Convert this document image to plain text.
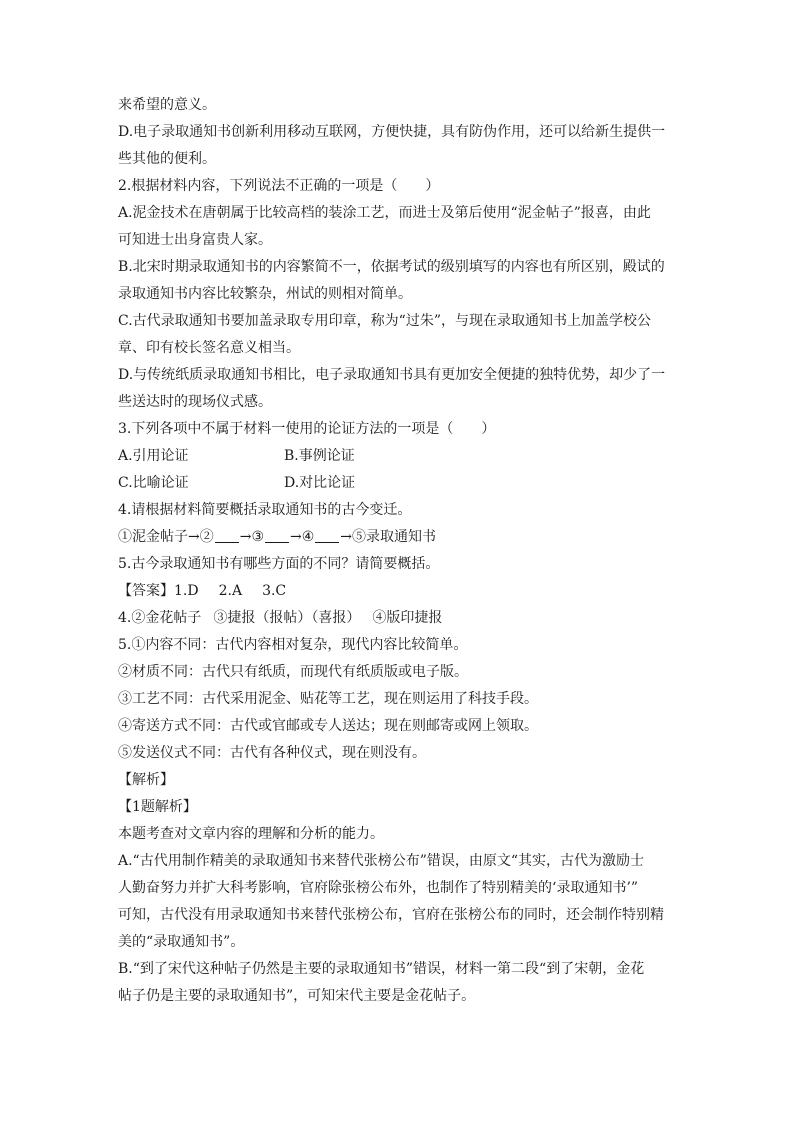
来希望的意义。
D.电子录取通知书创新利用移动互联网，方便快捷，具有防伪作用，还可以给新生提供一
些其他的便利。
2.根据材料内容，下列说法不正确的一项是（　　）
A.泥金技术在唐朝属于比较高档的装涂工艺，而进士及第后使用“泥金帖子”报喜，由此
可知进士出身富贵人家。
B.北宋时期录取通知书的内容繁简不一，依据考试的级别填写的内容也有所区别，殿试的
录取通知书内容比较繁杂，州试的则相对简单。
C.古代录取通知书要加盖录取专用印章，称为“过朱”，与现在录取通知书上加盖学校公
章、印有校长签名意义相当。
D.与传统纸质录取通知书相比，电子录取通知书具有更加安全便捷的独特优势，却少了一
些送达时的现场仪式感。
3.下列各项中不属于材料一使用的论证方法的一项是（　　）
A.引用论证	B.事例论证
C.比喻论证	D.对比论证
4.请根据材料简要概括录取通知书的古今变迁。
①泥金帖子→② →③ →④ →⑤录取通知书
5.古今录取通知书有哪些方面的不同？请简要概括。
【答案】1.D 2.A 3.C
4.②金花帖子 ③捷报（报帖）（喜报） ④版印捷报
5.①内容不同：古代内容相对复杂，现代内容比较简单。
②材质不同：古代只有纸质，而现代有纸质版或电子版。
③工艺不同：古代采用泥金、贴花等工艺，现在则运用了科技手段。
④寄送方式不同：古代或官邮或专人送达；现在则邮寄或网上领取。
⑤发送仪式不同：古代有各种仪式，现在则没有。
【解析】
【1题解析】
本题考查对文章内容的理解和分析的能力。
A.“古代用制作精美的录取通知书来替代张榜公布”错误，由原文“其实，古代为激励士
人勤奋努力并扩大科考影响，官府除张榜公布外，也制作了特别精美的‘录取通知书’”
可知，古代没有用录取通知书来替代张榜公布，官府在张榜公布的同时，还会制作特别精
美的“录取通知书”。
B.“到了宋代这种帖子仍然是主要的录取通知书”错误，材料一第二段“到了宋朝，金花
帖子仍是主要的录取通知书”，可知宋代主要是金花帖子。
